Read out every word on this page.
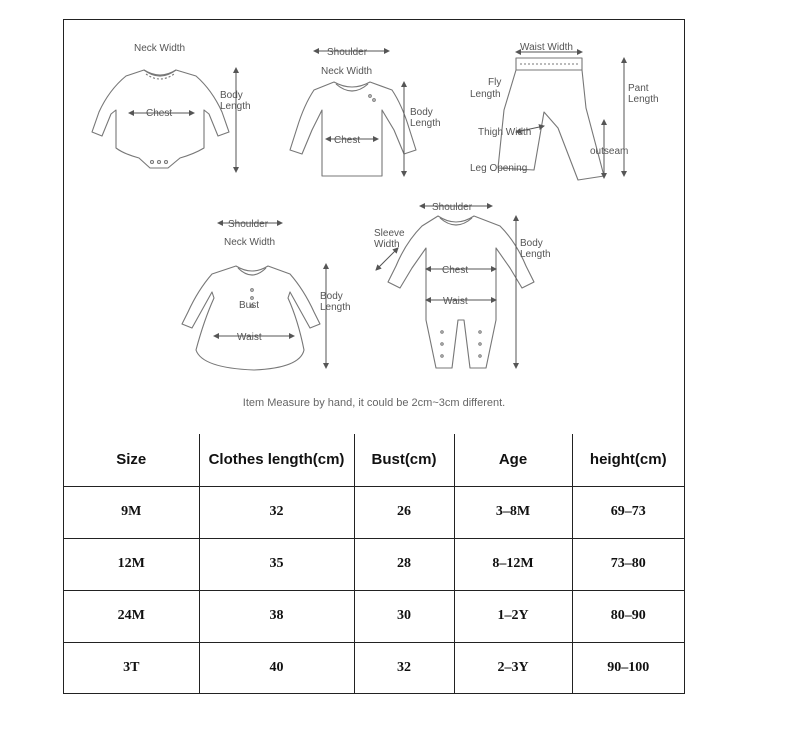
Neck Width
Body
Length
Chest
Shoulder
Neck Width
Body
Length
Chest
Waist Width
Fly
Length
Pant
Length
Thigh Width
outseam
Leg Opening
Shoulder
Neck Width
Body
Length
Bust
Waist
Shoulder
Sleeve
Width	Body
Length
Chest
Waist
Item Measure by hand, it could be 2cm~3cm different.
Size	Clothes length(cm)	Bust(cm)	Age	height(cm)
9M	32	26	3–8M	69–73
12M	35	28	8–12M	73–80
24M	38	30	1–2Y	80–90
3T	40	32	2–3Y	90–100
